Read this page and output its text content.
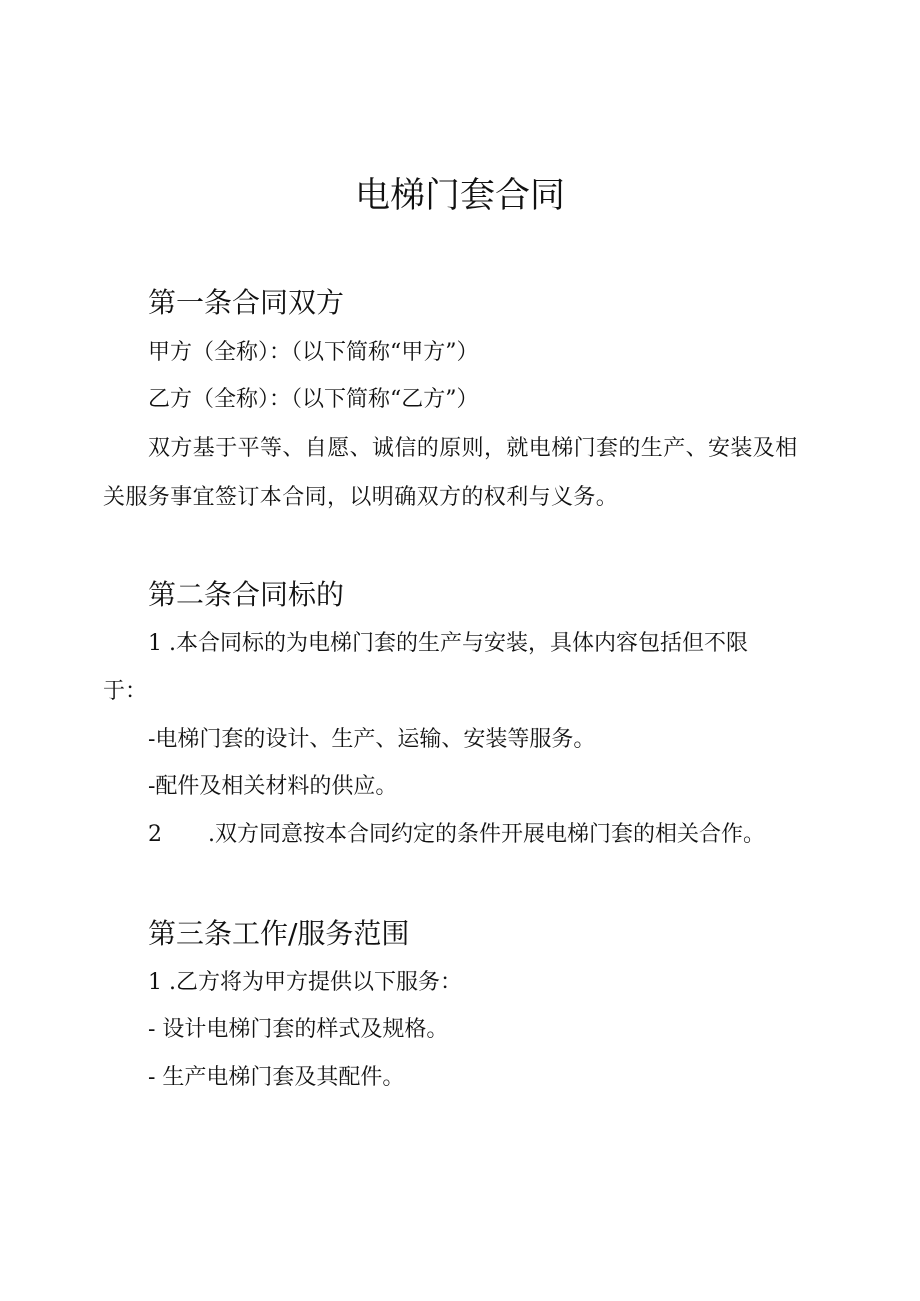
电梯门套合同
第一条合同双方

甲方（全称）：（以下简称“甲方”）

乙方（全称）：（以下简称“乙方”）

双方基于平等、自愿、诚信的原则，就电梯门套的生产、安装及相关服务事宜签订本合同，以明确双方的权利与义务。

第二条合同标的

1 .本合同标的为电梯门套的生产与安装，具体内容包括但不限

于：

-电梯门套的设计、生产、运输、安装等服务。

-配件及相关材料的供应。

2 .双方同意按本合同约定的条件开展电梯门套的相关合作。

第三条工作/服务范围

1 .乙方将为甲方提供以下服务：

- 设计电梯门套的样式及规格。

- 生产电梯门套及其配件。
